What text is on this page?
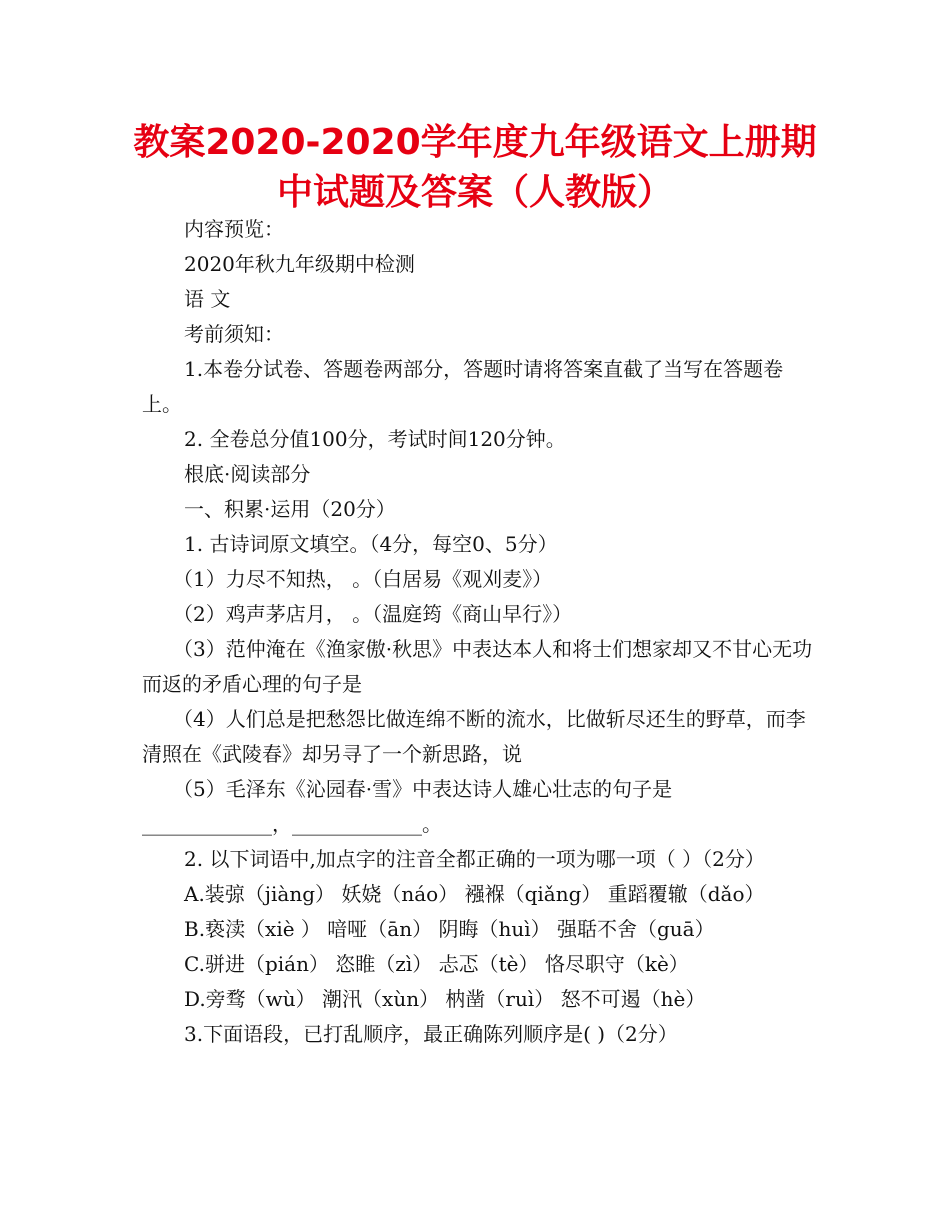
教案2020-2020学年度九年级语文上册期中试题及答案（人教版）

内容预览：

2020年秋九年级期中检测

语 文

考前须知：

1.本卷分试卷、答题卷两部分，答题时请将答案直截了当写在答题卷上。

2. 全卷总分值100分，考试时间120分钟。

根底·阅读部分

一、积累·运用（20分）

1. 古诗词原文填空。（4分，每空0、5分）

（1）力尽不知热， 。（白居易《观刈麦》）

（2）鸡声茅店月， 。（温庭筠《商山早行》）

（3）范仲淹在《渔家傲·秋思》中表达本人和将士们想家却又不甘心无功而返的矛盾心理的句子是

（4）人们总是把愁怨比做连绵不断的流水，比做斩尽还生的野草，而李清照在《武陵春》却另寻了一个新思路，说

（5）毛泽东《沁园春·雪》中表达诗人雄心壮志的句子是_____________，_____________。

2. 以下词语中,加点字的注音全都正确的一项为哪一项（ ）（2分）

A.装弶（jiàng） 妖娆（náo） 襁褓（qiǎng） 重蹈覆辙（dǎo）

B.亵渎（xiè ） 喑哑（ān） 阴晦（huì） 强聒不舍（guā）

C.骈进（pián） 恣睢（zì） 忐忑（tè） 恪尽职守（kè）

D.旁骛（wù） 潮汛（xùn） 枘凿（ruì） 怒不可遏（hè）

3.下面语段，已打乱顺序，最正确陈列顺序是( )（2分）
